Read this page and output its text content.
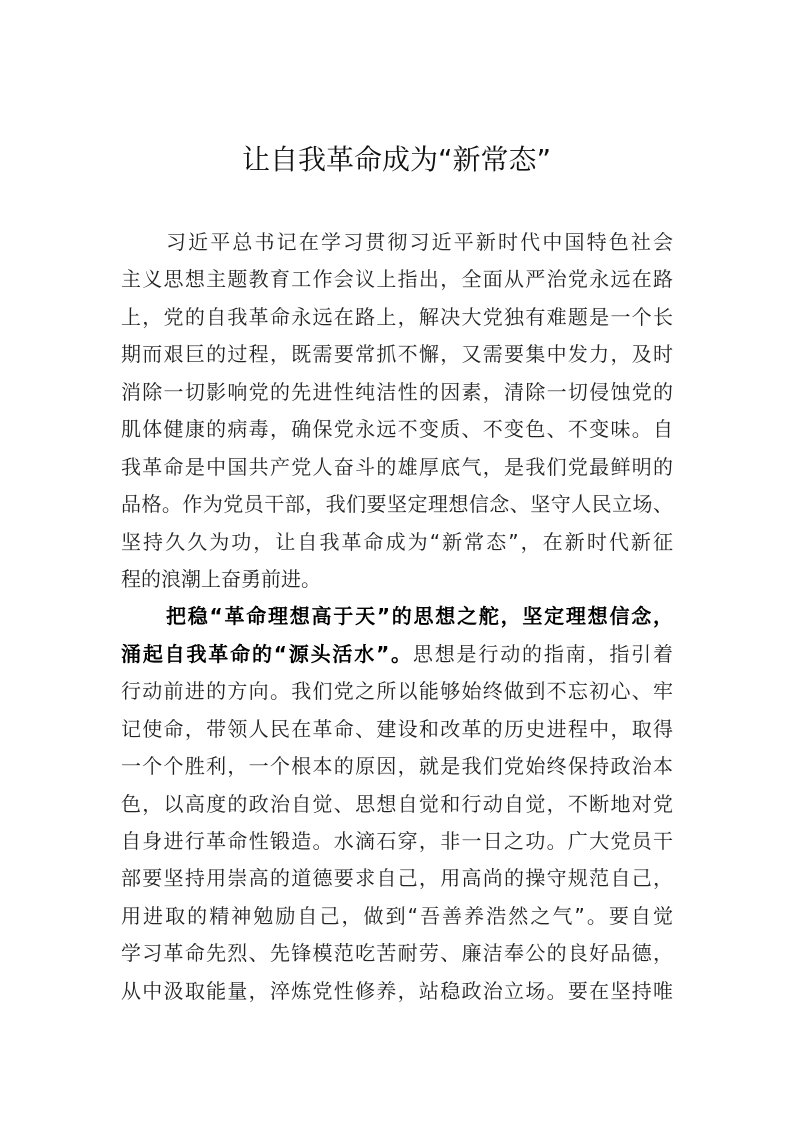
让自我革命成为“新常态”
习近平总书记在学习贯彻习近平新时代中国特色社会
主义思想主题教育工作会议上指出，全面从严治党永远在路
上，党的自我革命永远在路上，解决大党独有难题是一个长
期而艰巨的过程，既需要常抓不懈，又需要集中发力，及时
消除一切影响党的先进性纯洁性的因素，清除一切侵蚀党的
肌体健康的病毒，确保党永远不变质、不变色、不变味。自
我革命是中国共产党人奋斗的雄厚底气，是我们党最鲜明的
品格。作为党员干部，我们要坚定理想信念、坚守人民立场、
坚持久久为功，让自我革命成为“新常态”，在新时代新征
程的浪潮上奋勇前进。
把稳“革命理想高于天”的思想之舵，坚定理想信念，
涌起自我革命的“源头活水”。思想是行动的指南，指引着
行动前进的方向。我们党之所以能够始终做到不忘初心、牢
记使命，带领人民在革命、建设和改革的历史进程中，取得
一个个胜利，一个根本的原因，就是我们党始终保持政治本
色，以高度的政治自觉、思想自觉和行动自觉，不断地对党
自身进行革命性锻造。水滴石穿，非一日之功。广大党员干
部要坚持用崇高的道德要求自己，用高尚的操守规范自己，
用进取的精神勉励自己，做到“吾善养浩然之气”。要自觉
学习革命先烈、先锋模范吃苦耐劳、廉洁奉公的良好品德，
从中汲取能量，淬炼党性修养，站稳政治立场。要在坚持唯
